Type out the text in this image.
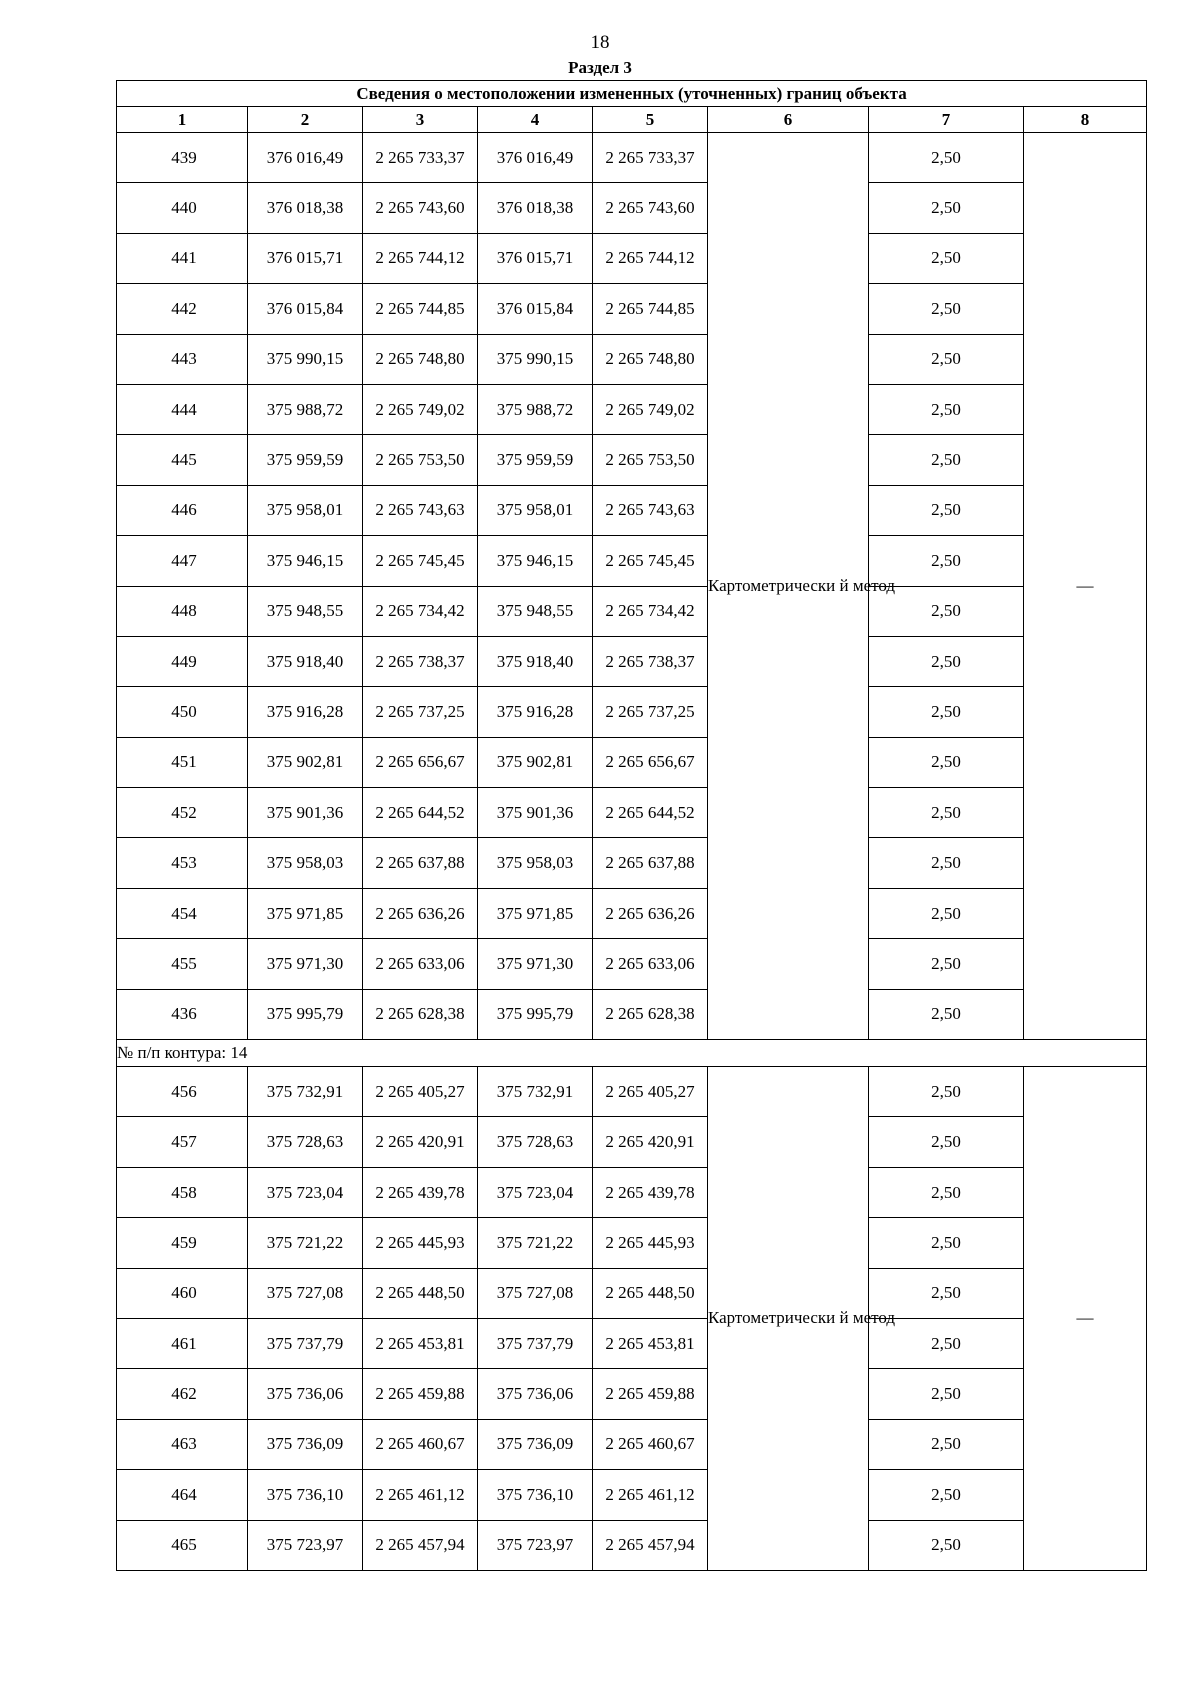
18
Раздел 3
Сведения о местоположении измененных (уточненных) границ объекта							
1	2	3	4	5	6	7	8
439	376 016,49	2 265 733,37	376 016,49	2 265 733,37	Картометрически й метод	2,50	—
440	376 018,38	2 265 743,60	376 018,38	2 265 743,60		2,50	
441	376 015,71	2 265 744,12	376 015,71	2 265 744,12		2,50	
442	376 015,84	2 265 744,85	376 015,84	2 265 744,85		2,50	
443	375 990,15	2 265 748,80	375 990,15	2 265 748,80		2,50	
444	375 988,72	2 265 749,02	375 988,72	2 265 749,02		2,50	
445	375 959,59	2 265 753,50	375 959,59	2 265 753,50		2,50	
446	375 958,01	2 265 743,63	375 958,01	2 265 743,63		2,50	
447	375 946,15	2 265 745,45	375 946,15	2 265 745,45		2,50	
448	375 948,55	2 265 734,42	375 948,55	2 265 734,42		2,50	
449	375 918,40	2 265 738,37	375 918,40	2 265 738,37		2,50	
450	375 916,28	2 265 737,25	375 916,28	2 265 737,25		2,50	
451	375 902,81	2 265 656,67	375 902,81	2 265 656,67		2,50	
452	375 901,36	2 265 644,52	375 901,36	2 265 644,52		2,50	
453	375 958,03	2 265 637,88	375 958,03	2 265 637,88		2,50	
454	375 971,85	2 265 636,26	375 971,85	2 265 636,26		2,50	
455	375 971,30	2 265 633,06	375 971,30	2 265 633,06		2,50	
436	375 995,79	2 265 628,38	375 995,79	2 265 628,38		2,50	
№ п/п контура: 14							
456	375 732,91	2 265 405,27	375 732,91	2 265 405,27	Картометрически й метод	2,50	—
457	375 728,63	2 265 420,91	375 728,63	2 265 420,91		2,50	
458	375 723,04	2 265 439,78	375 723,04	2 265 439,78		2,50	
459	375 721,22	2 265 445,93	375 721,22	2 265 445,93		2,50	
460	375 727,08	2 265 448,50	375 727,08	2 265 448,50		2,50	
461	375 737,79	2 265 453,81	375 737,79	2 265 453,81		2,50	
462	375 736,06	2 265 459,88	375 736,06	2 265 459,88		2,50	
463	375 736,09	2 265 460,67	375 736,09	2 265 460,67		2,50	
464	375 736,10	2 265 461,12	375 736,10	2 265 461,12		2,50	
465	375 723,97	2 265 457,94	375 723,97	2 265 457,94		2,50	
